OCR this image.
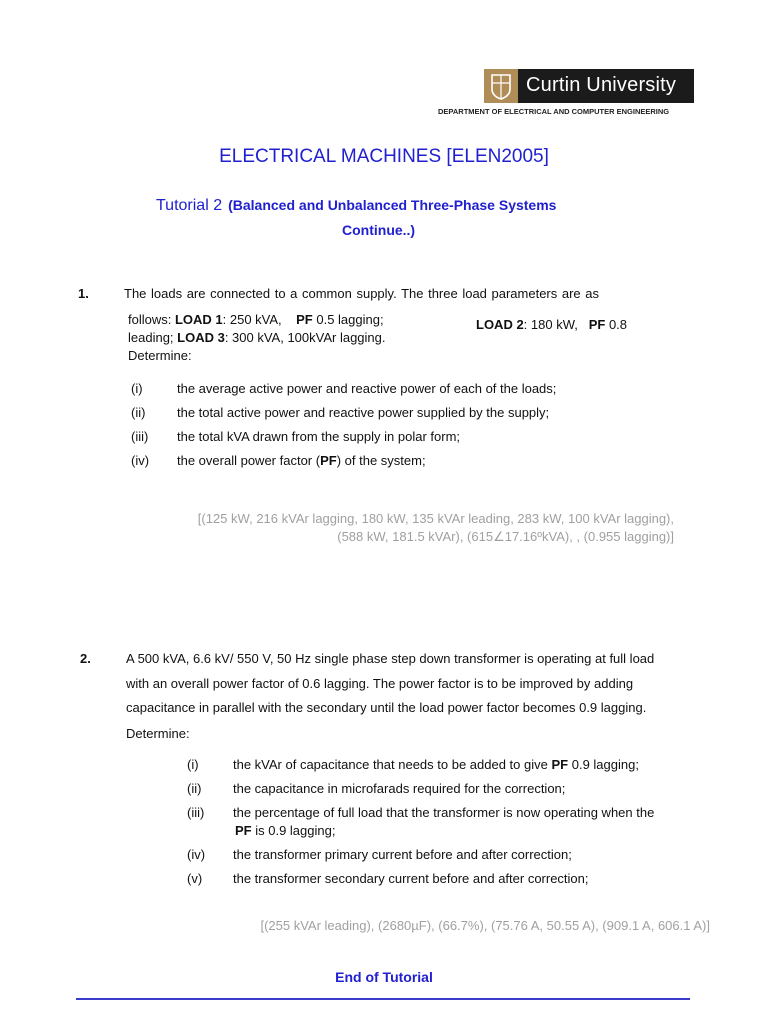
Curtin University
DEPARTMENT OF ELECTRICAL AND COMPUTER ENGINEERING
ELECTRICAL MACHINES [ELEN2005]
Tutorial 2 (Balanced and Unbalanced Three-Phase Systems
Continue..)
1.	The loads are connected to a common supply. The three load parameters are as
follows: LOAD 1: 250 kVA,    PF 0.5 lagging;	LOAD 2: 180 kW,   PF 0.8
leading; LOAD 3: 300 kVA, 100kVAr lagging.
Determine:
(i)	the average active power and reactive power of each of the loads;
(ii) the total active power and reactive power supplied by the supply;
(iii) the total kVA drawn from the supply in polar form;
(iv) the overall power factor (PF) of the system;
[(125 kW, 216 kVAr lagging, 180 kW, 135 kVAr leading, 283 kW, 100 kVAr lagging),
(588 kW, 181.5 kVAr), (615∠17.16ºkVA), , (0.955 lagging)]
2.	A 500 kVA, 6.6 kV/ 550 V, 50 Hz single phase step down transformer is operating at full load
with an overall power factor of 0.6 lagging. The power factor is to be improved by adding
capacitance in parallel with the secondary until the load power factor becomes 0.9 lagging.
Determine:
(i)	the kVAr of capacitance that needs to be added to give PF 0.9 lagging;
(ii) the capacitance in microfarads required for the correction;
(iii) the percentage of full load that the transformer is now operating when the
PF is 0.9 lagging;
(iv) the transformer primary current before and after correction;
(v) the transformer secondary current before and after correction;
[(255 kVAr leading), (2680µF), (66.7%), (75.76 A, 50.55 A), (909.1 A, 606.1 A)]
End of Tutorial
